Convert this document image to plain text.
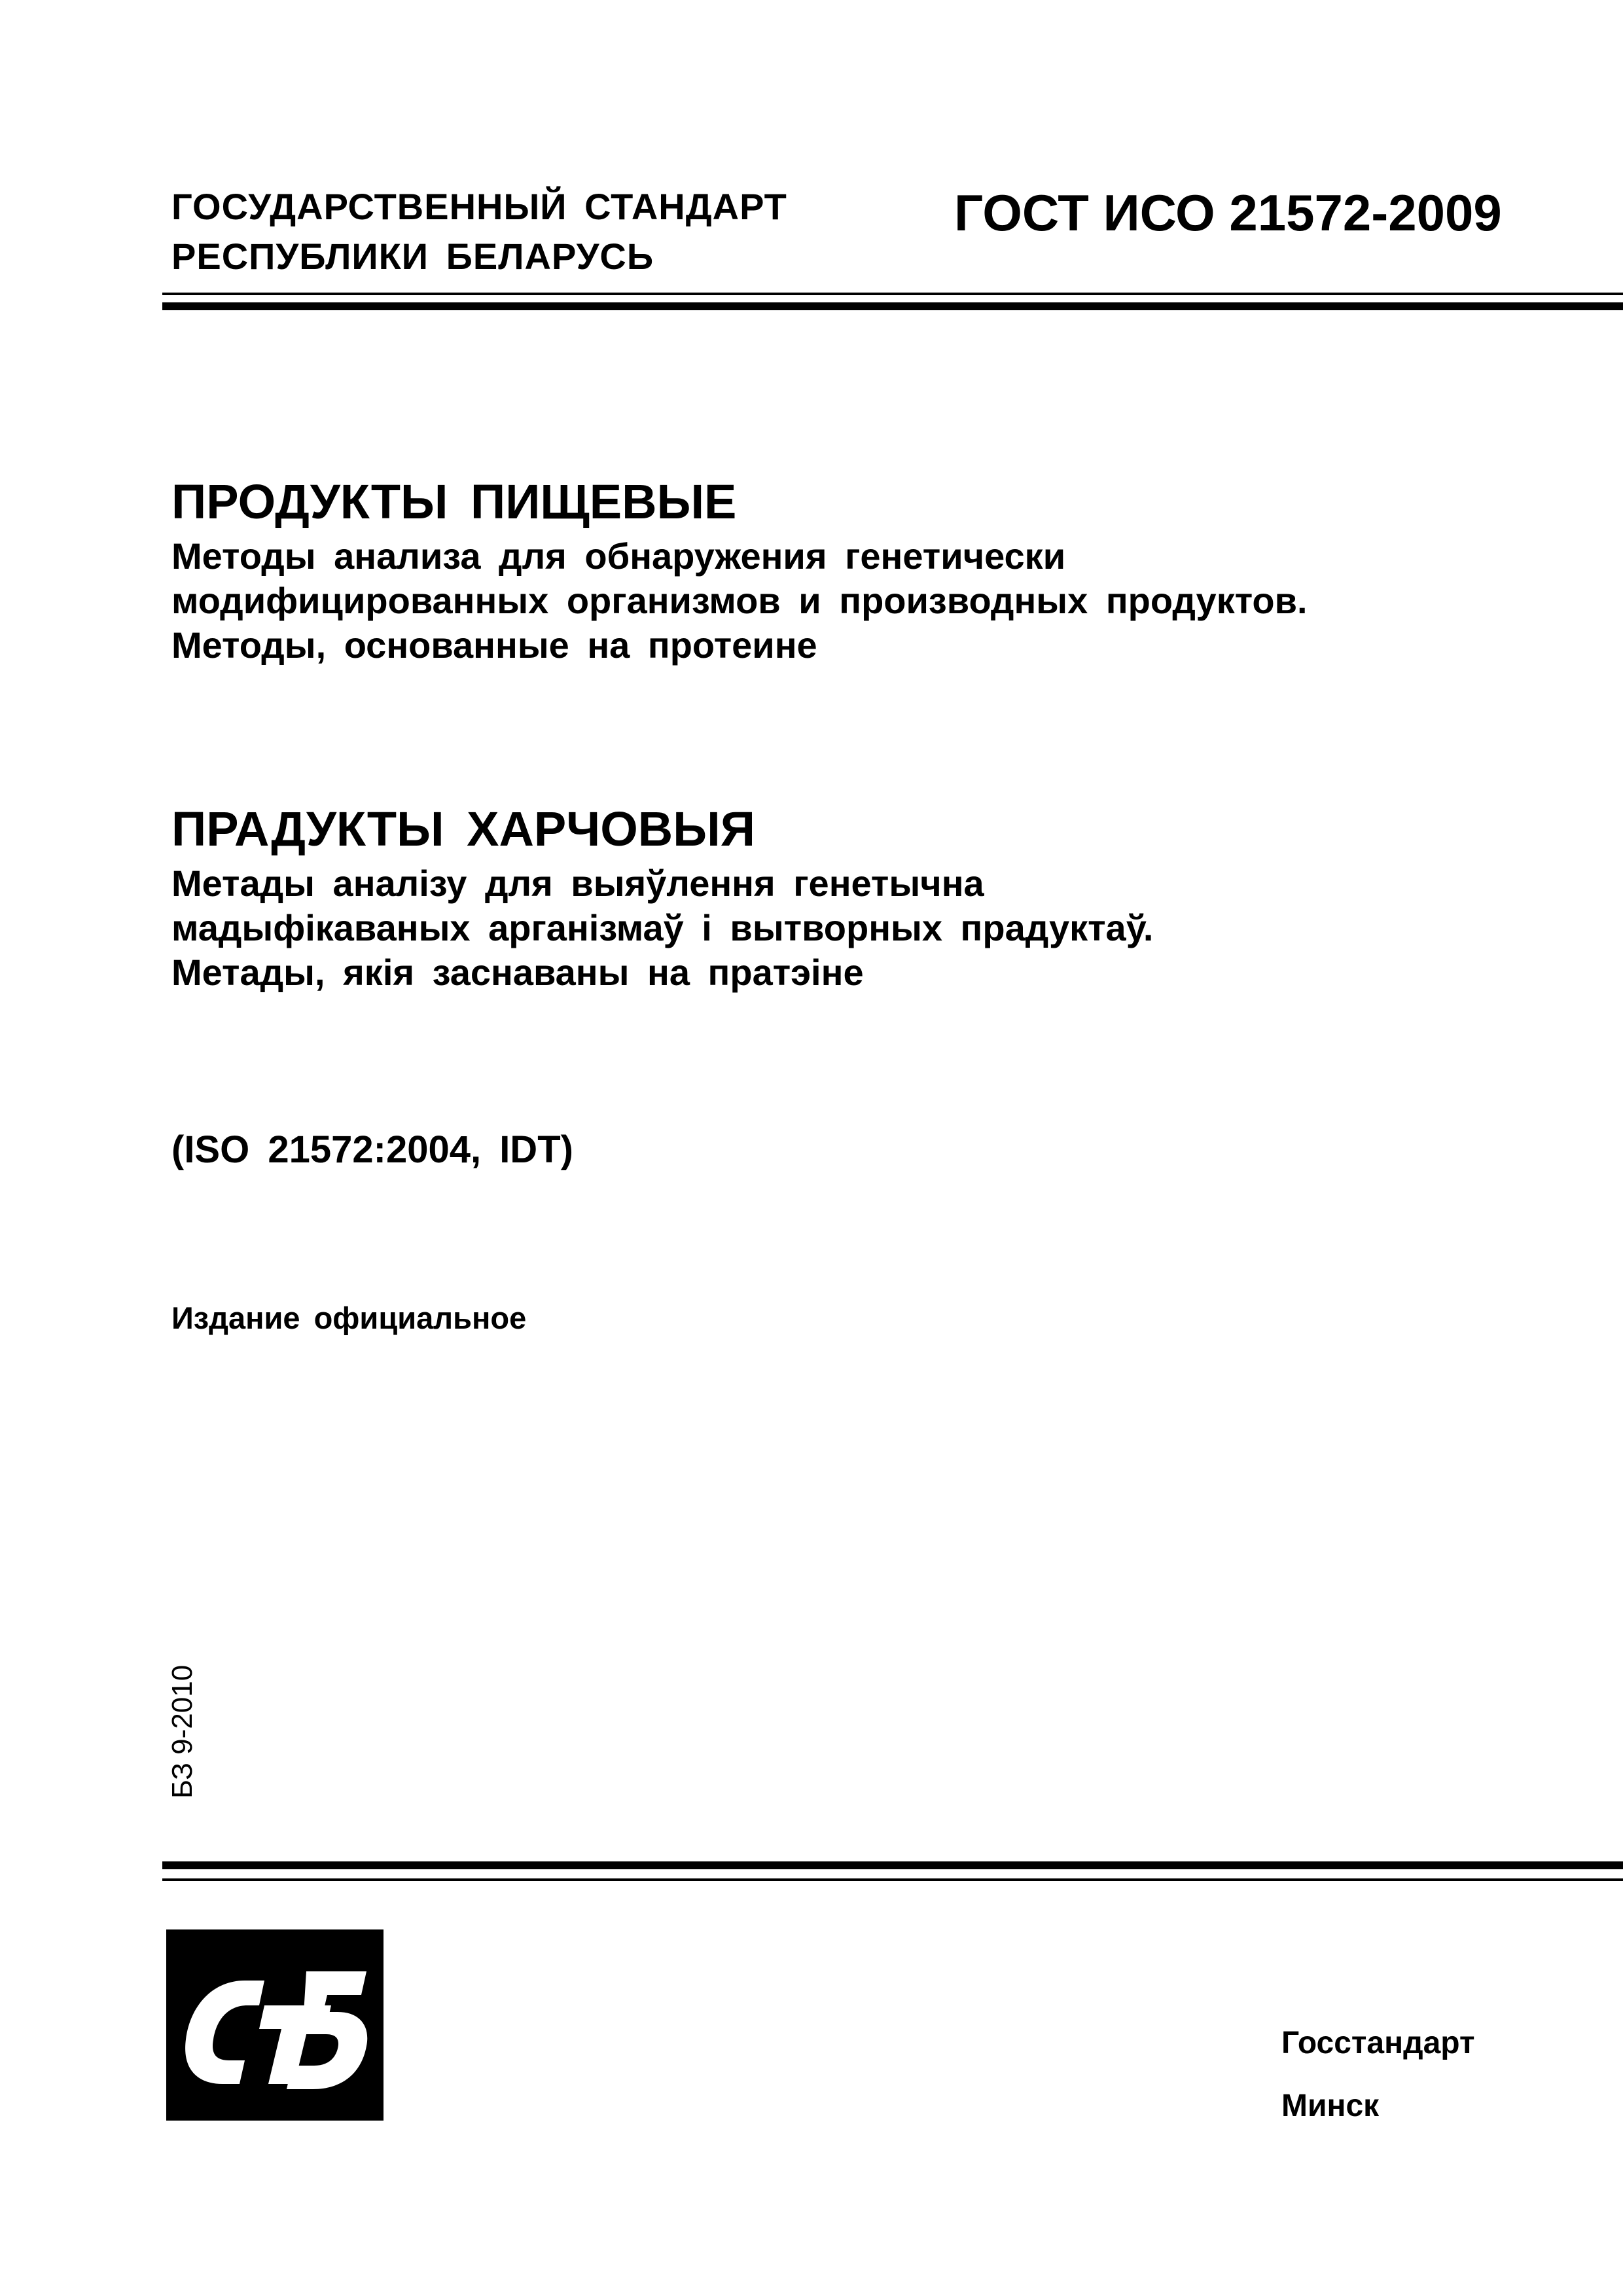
ГОСУДАРСТВЕННЫЙ СТАНДАРТ
РЕСПУБЛИКИ БЕЛАРУСЬ
ГОСТ ИСО 21572-2009
ПРОДУКТЫ ПИЩЕВЫЕ
Методы анализа для обнаружения генетически
модифицированных организмов и производных продуктов.
Методы, основанные на протеине
ПРАДУКТЫ ХАРЧОВЫЯ
Метады аналізу для выяўлення генетычна
мадыфікаваных арганізмаў і вытворных прадуктаў.
Метады, якія заснаваны на пратэіне
(ISO 21572:2004, IDT)
Издание официальное
БЗ 9-2010
Госстандарт
Минск
